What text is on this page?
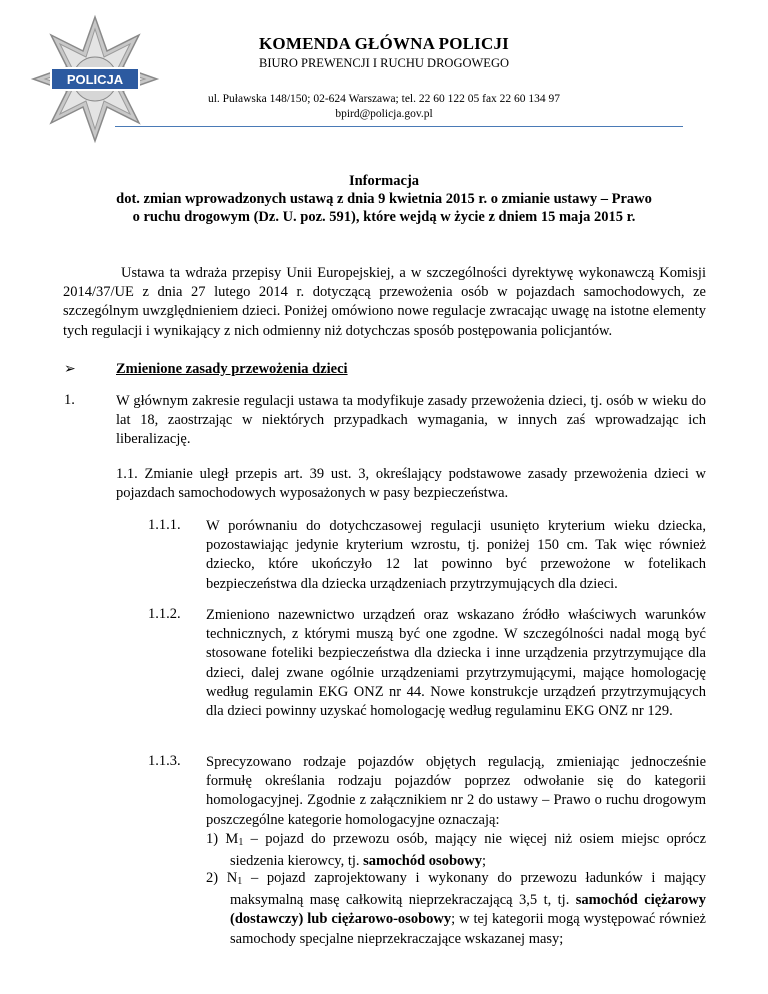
POLICJA
KOMENDA GŁÓWNA POLICJI
BIURO PREWENCJI I RUCHU DROGOWEGO
ul. Puławska 148/150; 02-624 Warszawa; tel. 22 60 122 05 fax 22 60 134 97
bpird@policja.gov.pl
Informacja
dot. zmian wprowadzonych ustawą z dnia 9 kwietnia 2015 r. o zmianie ustawy – Prawo
o ruchu drogowym (Dz. U. poz. 591), które wejdą w życie z dniem 15 maja 2015 r.
Ustawa ta wdraża przepisy Unii Europejskiej, a w szczególności dyrektywę wykonawczą Komisji 2014/37/UE z dnia 27 lutego 2014 r. dotyczącą przewożenia osób w pojazdach samochodowych, ze szczególnym uwzględnieniem dzieci. Poniżej omówiono nowe regulacje zwracając uwagę na istotne elementy tych regulacji i wynikający z nich odmienny niż dotychczas sposób postępowania policjantów.
➢	Zmienione zasady przewożenia dzieci
1.	W głównym zakresie regulacji ustawa ta modyfikuje zasady przewożenia dzieci, tj. osób w wieku do lat 18, zaostrzając w niektórych przypadkach wymagania, w innych zaś wprowadzając ich liberalizację.
1.1. Zmianie uległ przepis art. 39 ust. 3, określający podstawowe zasady przewożenia dzieci w pojazdach samochodowych wyposażonych w pasy bezpieczeństwa.
1.1.1. W porównaniu do dotychczasowej regulacji usunięto kryterium wieku dziecka, pozostawiając jedynie kryterium wzrostu, tj. poniżej 150 cm. Tak więc również dziecko, które ukończyło 12 lat powinno być przewożone w fotelikach bezpieczeństwa dla dziecka urządzeniach przytrzymujących dla dzieci.
1.1.2. Zmieniono nazewnictwo urządzeń oraz wskazano źródło właściwych warunków technicznych, z którymi muszą być one zgodne. W szczególności nadal mogą być stosowane foteliki bezpieczeństwa dla dziecka i inne urządzenia przytrzymujące dla dzieci, dalej zwane ogólnie urządzeniami przytrzymującymi, mające homologację według regulamin EKG ONZ nr 44. Nowe konstrukcje urządzeń przytrzymujących dla dzieci powinny uzyskać homologację według regulaminu EKG ONZ nr 129.
1.1.3. Sprecyzowano rodzaje pojazdów objętych regulacją, zmieniając jednocześnie formułę określania rodzaju pojazdów poprzez odwołanie się do kategorii homologacyjnej. Zgodnie z załącznikiem nr 2 do ustawy – Prawo o ruchu drogowym poszczególne kategorie homologacyjne oznaczają:
1) $M_1$ – pojazd do przewozu osób, mający nie więcej niż osiem miejsc oprócz siedzenia kierowcy, tj. samochód osobowy;
2) $N_1$ – pojazd zaprojektowany i wykonany do przewozu ładunków i mający maksymalną masę całkowitą nieprzekraczającą 3,5 t, tj. samochód ciężarowy (dostawczy) lub ciężarowo-osobowy; w tej kategorii mogą występować również samochody specjalne nieprzekraczające wskazanej masy;
